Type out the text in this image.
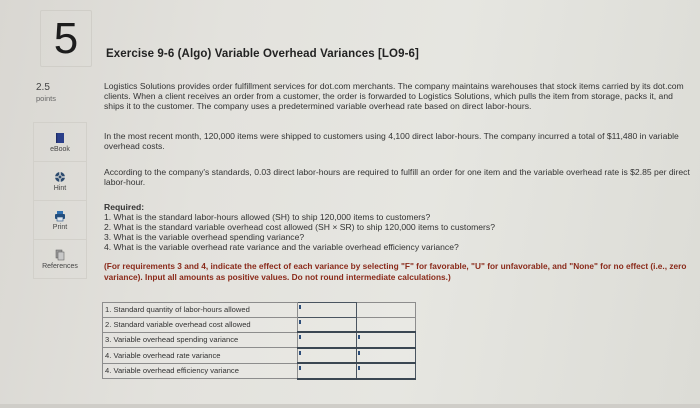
5
2.5
points
eBook
Hint
Print
References
Exercise 9-6 (Algo) Variable Overhead Variances [LO9-6]
Logistics Solutions provides order fulfillment services for dot.com merchants. The company maintains warehouses that stock items carried by its dot.com clients. When a client receives an order from a customer, the order is forwarded to Logistics Solutions, which pulls the item from storage, packs it, and ships it to the customer. The company uses a predetermined variable overhead rate based on direct labor-hours.
In the most recent month, 120,000 items were shipped to customers using 4,100 direct labor-hours. The company incurred a total of $11,480 in variable overhead costs.
According to the company's standards, 0.03 direct labor-hours are required to fulfill an order for one item and the variable overhead rate is $2.85 per direct labor-hour.
Required:
1. What is the standard labor-hours allowed (SH) to ship 120,000 items to customers?
2. What is the standard variable overhead cost allowed (SH × SR) to ship 120,000 items to customers?
3. What is the variable overhead spending variance?
4. What is the variable overhead rate variance and the variable overhead efficiency variance?
(For requirements 3 and 4, indicate the effect of each variance by selecting "F" for favorable, "U" for unfavorable, and "None" for no effect (i.e., zero variance). Input all amounts as positive values. Do not round intermediate calculations.)
1. Standard quantity of labor-hours allowed	

2. Standard variable overhead cost allowed	

3. Variable overhead spending variance	

4. Variable overhead rate variance	

4. Variable overhead efficiency variance	
